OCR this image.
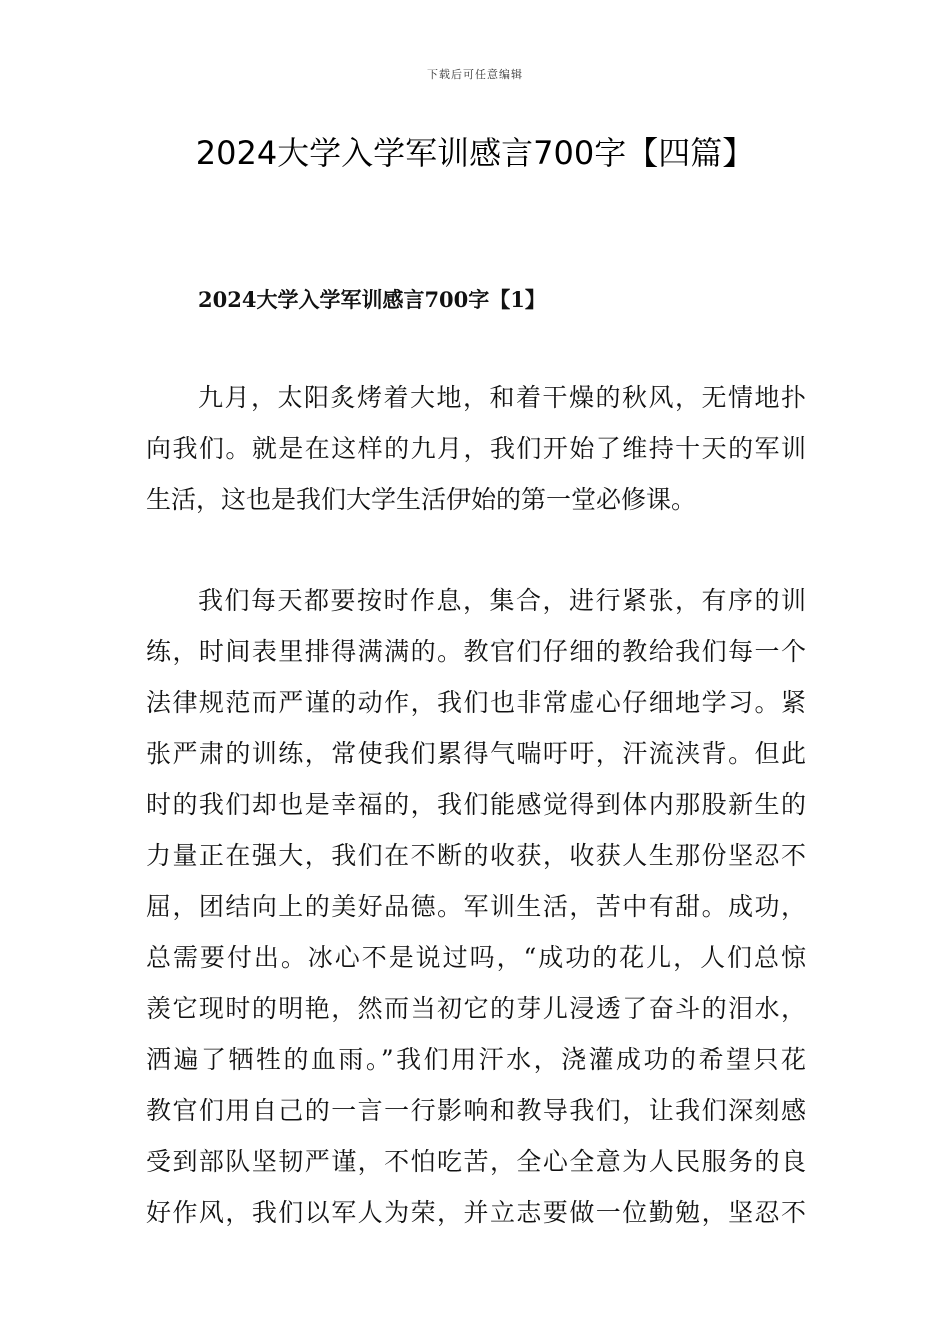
下载后可任意编辑
2024大学入学军训感言700字【四篇】
2024大学入学军训感言700字【1】
九月，太阳炙烤着大地，和着干燥的秋风，无情地扑
向我们。就是在这样的九月，我们开始了维持十天的军训
生活，这也是我们大学生活伊始的第一堂必修课。
我们每天都要按时作息，集合，进行紧张，有序的训
练，时间表里排得满满的。教官们仔细的教给我们每一个
法律规范而严谨的动作，我们也非常虚心仔细地学习。紧
张严肃的训练，常使我们累得气喘吁吁，汗流浃背。但此
时的我们却也是幸福的，我们能感觉得到体内那股新生的
力量正在强大，我们在不断的收获，收获人生那份坚忍不
屈，团结向上的美好品德。军训生活，苦中有甜。成功，
总需要付出。冰心不是说过吗，“成功的花儿，人们总惊
羡它现时的明艳，然而当初它的芽儿浸透了奋斗的泪水，
洒遍了牺牲的血雨。”我们用汗水，浇灌成功的希望只花
教官们用自己的一言一行影响和教导我们，让我们深刻感
受到部队坚韧严谨，不怕吃苦，全心全意为人民服务的良
好作风，我们以军人为荣，并立志要做一位勤勉，坚忍不
